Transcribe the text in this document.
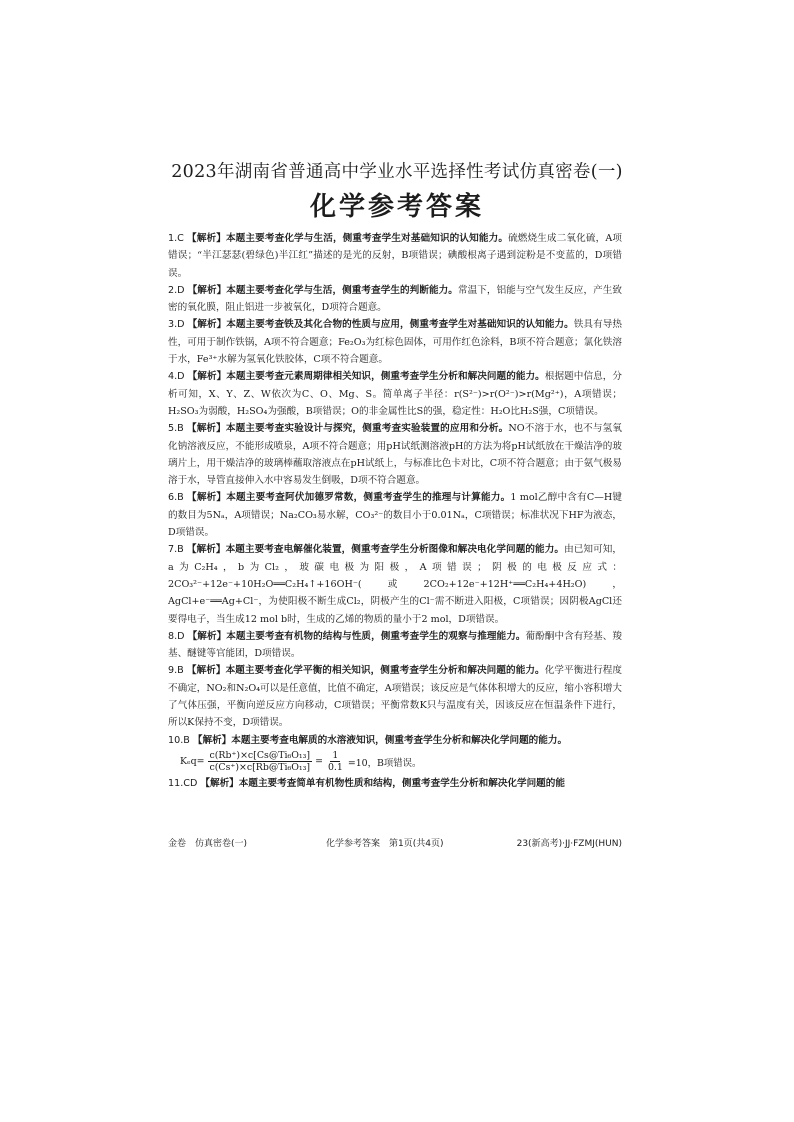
2023年湖南省普通高中学业水平选择性考试仿真密卷(一)
化学参考答案
1.C 【解析】本题主要考查化学与生活，侧重考查学生对基础知识的认知能力。硫燃烧生成二氧化硫，A项错误；“半江瑟瑟(碧绿色)半江红”描述的是光的反射，B项错误；碘酸根离子遇到淀粉是不变蓝的，D项错误。
2.D 【解析】本题主要考查化学与生活，侧重考查学生的判断能力。常温下，铝能与空气发生反应，产生致密的氧化膜，阻止铝进一步被氧化，D项符合题意。
3.D 【解析】本题主要考查铁及其化合物的性质与应用，侧重考查学生对基础知识的认知能力。铁具有导热性，可用于制作铁锅，A项不符合题意；Fe₂O₃为红棕色固体，可用作红色涂料，B项不符合题意；氯化铁溶于水，Fe³⁺水解为氢氧化铁胶体，C项不符合题意。
4.D 【解析】本题主要考查元素周期律相关知识，侧重考查学生分析和解决问题的能力。根据题中信息，分析可知，X、Y、Z、W依次为C、O、Mg、S。简单离子半径：r(S²⁻)>r(O²⁻)>r(Mg²⁺)，A项错误；H₂SO₃为弱酸，H₂SO₄为强酸，B项错误；O的非金属性比S的强，稳定性：H₂O比H₂S强，C项错误。
5.B 【解析】本题主要考查实验设计与探究，侧重考查实验装置的应用和分析。NO不溶于水，也不与氢氧化钠溶液反应，不能形成喷泉，A项不符合题意；用pH试纸测溶液pH的方法为将pH试纸放在干燥洁净的玻璃片上，用干燥洁净的玻璃棒蘸取溶液点在pH试纸上，与标准比色卡对比，C项不符合题意；由于氨气极易溶于水，导管直接伸入水中容易发生倒吸，D项不符合题意。
6.B 【解析】本题主要考查阿伏加德罗常数，侧重考查学生的推理与计算能力。1 mol乙醇中含有C—H键的数目为5Nₐ，A项错误；Na₂CO₃易水解，CO₃²⁻的数目小于0.01Nₐ，C项错误；标准状况下HF为液态，D项错误。
7.B 【解析】本题主要考查电解催化装置，侧重考查学生分析图像和解决电化学问题的能力。由已知可知，a为C₂H₄，b为Cl₂，玻碳电极为阳极，A项错误；阴极的电极反应式：2CO₃²⁻+12e⁻+10H₂O══C₂H₄↑+16OH⁻(或2CO₂+12e⁻+12H⁺══C₂H₄+4H₂O)，AgCl+e⁻══Ag+Cl⁻，为使阳极不断生成Cl₂，阴极产生的Cl⁻需不断进入阳极，C项错误；因阴极AgCl还要得电子，当生成12 mol b时，生成的乙烯的物质的量小于2 mol，D项错误。
8.D 【解析】本题主要考查有机物的结构与性质，侧重考查学生的观察与推理能力。葡酚酮中含有羟基、羧基、醚键等官能团，D项错误。
9.B 【解析】本题主要考查化学平衡的相关知识，侧重考查学生分析和解决问题的能力。化学平衡进行程度不确定，NO₂和N₂O₄可以是任意值，比值不确定，A项错误；该反应是气体体积增大的反应，缩小容积增大了气体压强，平衡向逆反应方向移动，C项错误；平衡常数K只与温度有关，因该反应在恒温条件下进行，所以K保持不变，D项错误。
10.B 【解析】本题主要考查电解质的水溶液知识，侧重考查学生分析和解决化学问题的能力。
$K_eq= \frac{\text{c(Rb⁺)×c[Cs@Ti₆O₁₃]}}{\text{c(Cs⁺)×c[Rb@Ti₆O₁₃]}} = \frac{1}{0.1} =10$，B项错误。
11.CD 【解析】本题主要考查简单有机物性质和结构，侧重考查学生分析和解决化学问题的能
金卷　仿真密卷(一)	化学参考答案　第1页(共4页)	23(新高考)·JJ·FZMJ(HUN)
